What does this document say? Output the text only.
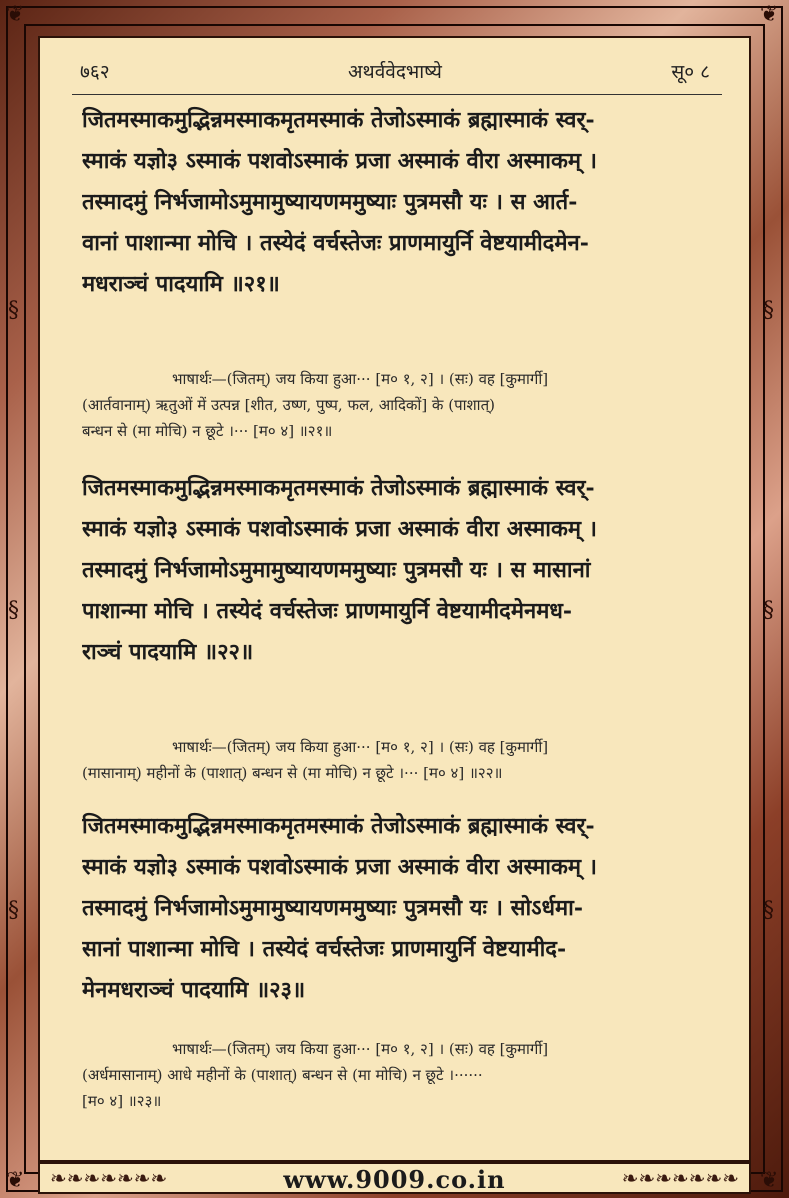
❦	❦
❦	❦
§
§
§
§
§
§
७६२	अथर्ववेदभाष्ये	सू० ८
जितमस्माकमुद्भिन्नमस्माकमृतमस्माकं तेजोऽस्माकं ब्रह्मास्माकं स्वर्-
स्माकं यज्ञो३ ऽस्माकं पशवोऽस्माकं प्रजा अस्माकं वीरा अस्माकम् ।
तस्मादमुं निर्भजामोऽमुमामुष्यायणममुष्याः पुत्रमसौ यः । स आर्त-
वानां पाशान्मा मोचि । तस्येदं वर्चस्तेजः प्राणमायुर्नि वेष्टयामीदमेन-
मधराञ्चं पादयामि ॥२१॥
भाषार्थः—(जितम्) जय किया हुआ··· [म० १, २] । (सः) वह [कुमार्गी]
(आर्तवानाम्) ऋतुओं में उत्पन्न [शीत, उष्ण, पुष्प, फल, आदिकों] के (पाशात्)
बन्धन से (मा मोचि) न छूटे ।··· [म० ४] ॥२१॥
जितमस्माकमुद्भिन्नमस्माकमृतमस्माकं तेजोऽस्माकं ब्रह्मास्माकं स्वर्-
स्माकं यज्ञो३ ऽस्माकं पशवोऽस्माकं प्रजा अस्माकं वीरा अस्माकम् ।
तस्मादमुं निर्भजामोऽमुमामुष्यायणममुष्याः पुत्रमसौ यः । स मासानां
पाशान्मा मोचि । तस्येदं वर्चस्तेजः प्राणमायुर्नि वेष्टयामीदमेनमध-
राञ्चं पादयामि ॥२२॥
भाषार्थः—(जितम्) जय किया हुआ··· [म० १, २] । (सः) वह [कुमार्गी]
(मासानाम्) महीनों के (पाशात्) बन्धन से (मा मोचि) न छूटे ।··· [म० ४] ॥२२॥
जितमस्माकमुद्भिन्नमस्माकमृतमस्माकं तेजोऽस्माकं ब्रह्मास्माकं स्वर्-
स्माकं यज्ञो३ ऽस्माकं पशवोऽस्माकं प्रजा अस्माकं वीरा अस्माकम् ।
तस्मादमुं निर्भजामोऽमुमामुष्यायणममुष्याः पुत्रमसौ यः । सोऽर्धमा-
सानां पाशान्मा मोचि । तस्येदं वर्चस्तेजः प्राणमायुर्नि वेष्टयामीद-
मेनमधराञ्चं पादयामि ॥२३॥
भाषार्थः—(जितम्) जय किया हुआ··· [म० १, २] । (सः) वह [कुमार्गी]
(अर्धमासानाम्) आधे महीनों के (पाशात्) बन्धन से (मा मोचि) न छूटे ।······
[म० ४] ॥२३॥
❧❧❧❧❧❧❧	www.9009.co.in	❧❧❧❧❧❧❧
